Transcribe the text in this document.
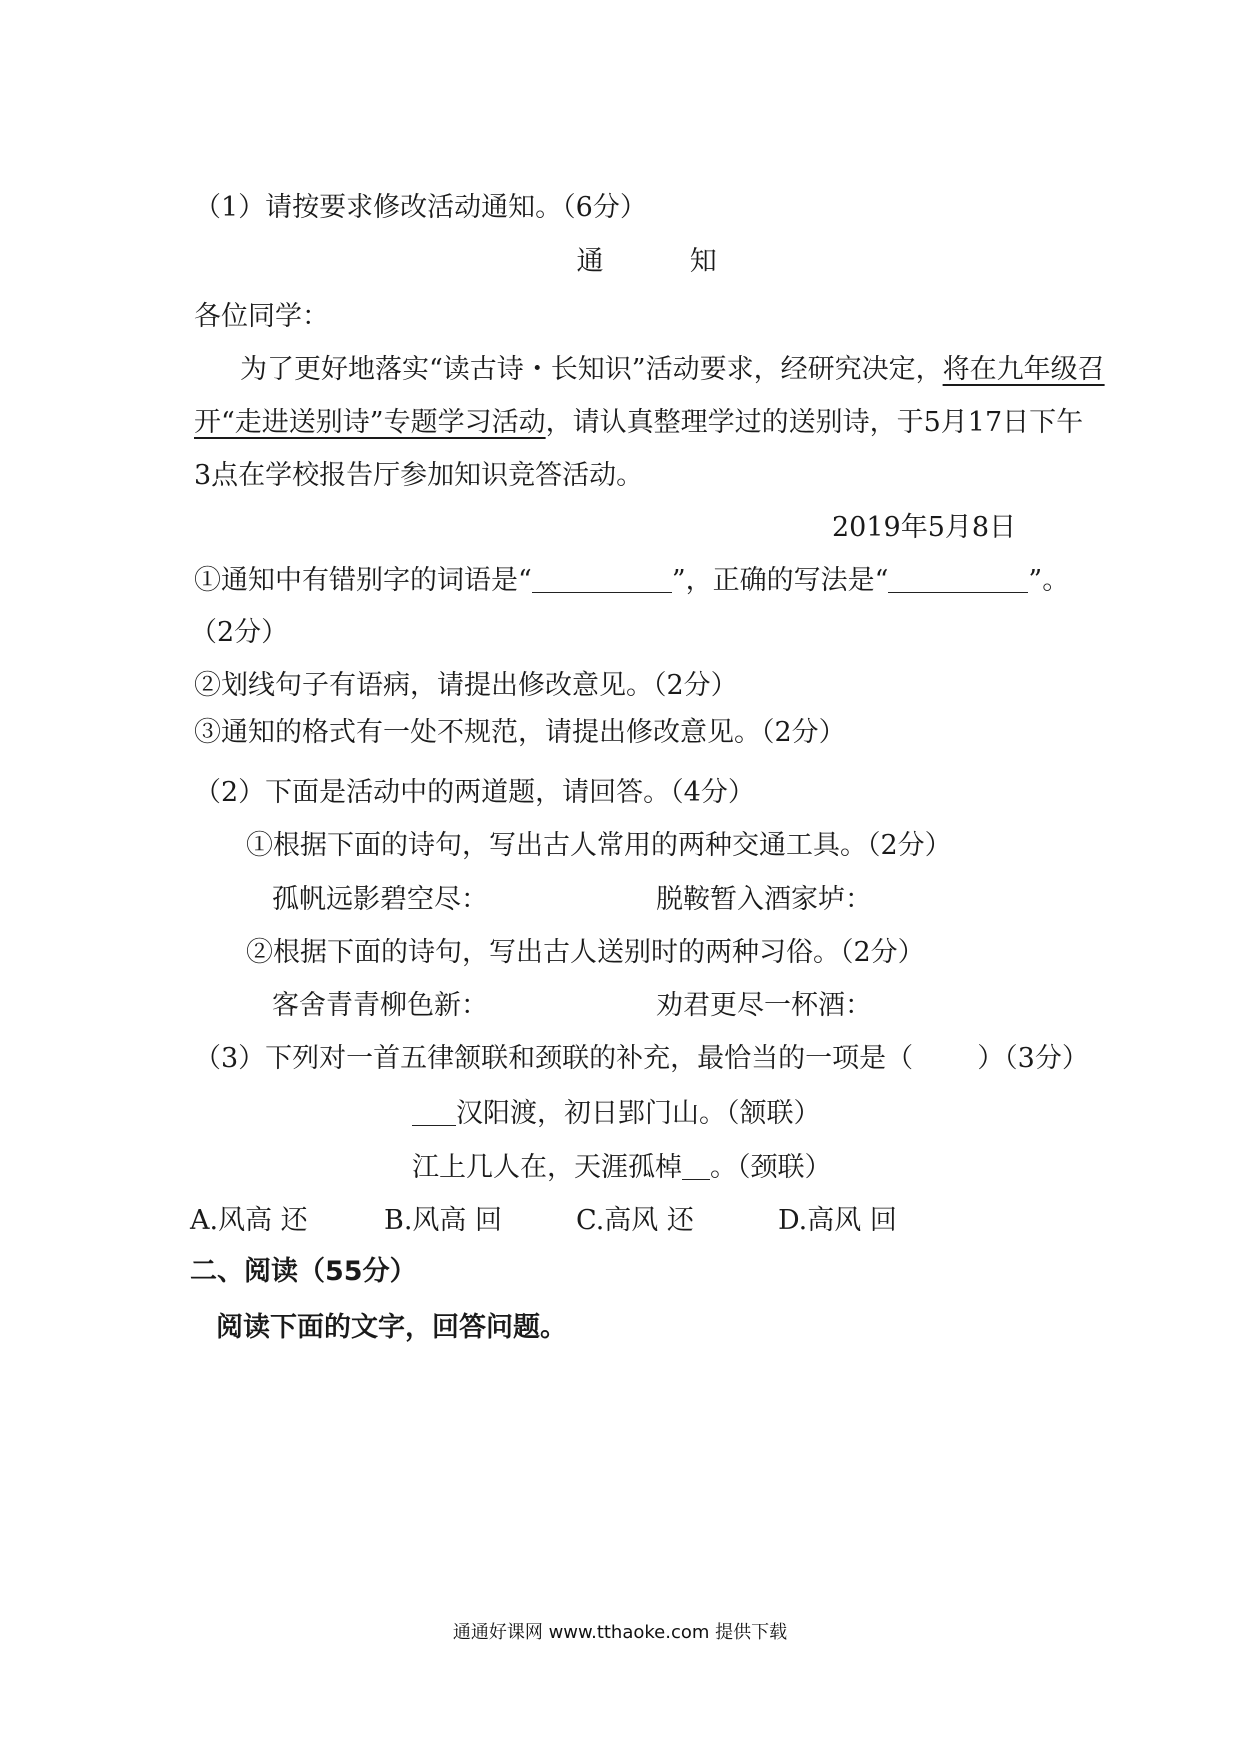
（1）请按要求修改活动通知。（6分）
通	知
各位同学：
为了更好地落实“读古诗・长知识”活动要求，经研究决定，将在九年级召
开“走进送别诗”专题学习活动，请认真整理学过的送别诗，于5月17日下午
3点在学校报告厅参加知识竞答活动。
2019年5月8日
①通知中有错别字的词语是“	”，正确的写法是“	”。
（2分）
②划线句子有语病，请提出修改意见。（2分）
③通知的格式有一处不规范，请提出修改意见。（2分）
（2）下面是活动中的两道题，请回答。（4分）
①根据下面的诗句，写出古人常用的两种交通工具。（2分）
孤帆远影碧空尽：	脱鞍暂入酒家垆：
②根据下面的诗句，写出古人送别时的两种习俗。（2分）
客舍青青柳色新：	劝君更尽一杯酒：
（3）下列对一首五律颔联和颈联的补充，最恰当的一项是（ ）（3分）
汉阳渡，初日郢门山。（颔联）
江上几人在，天涯孤棹 。（颈联）
A.风高 还	B.风高 回	C.高风 还	D.高风 回
二、阅读（55分）
阅读下面的文字，回答问题。
通通好课网 www.tthaoke.com 提供下载
